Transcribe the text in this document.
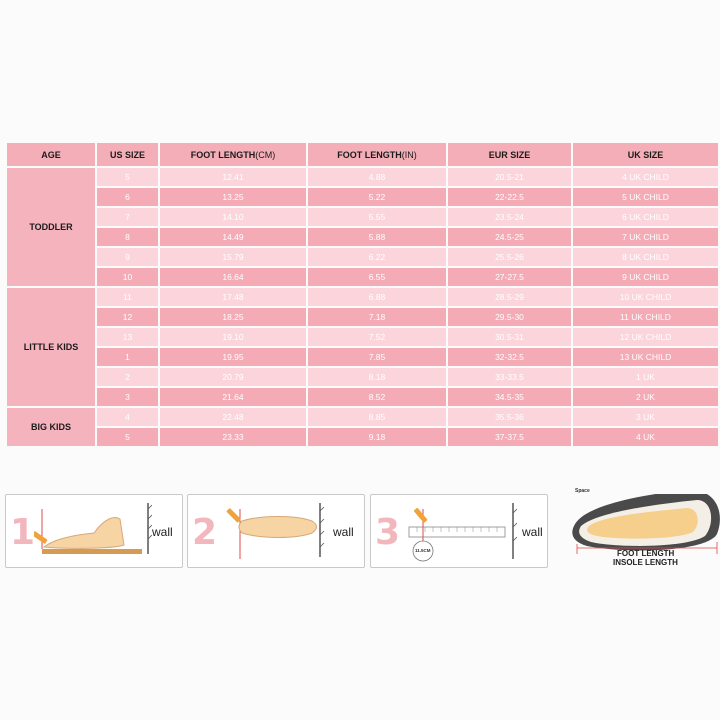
AGE	US SIZE	FOOT LENGTH(CM)	FOOT LENGTH(IN)	EUR SIZE	UK SIZE
TODDLER	5	12.41	4.88	20.5-21	4 UK CHILD
	6	13.25	5.22	22-22.5	5 UK CHILD
	7	14.10	5.55	23.5-24	6 UK CHILD
	8	14.49	5.88	24.5-25	7 UK CHILD
	9	15.79	6.22	25.5-26	8 UK CHILD
	10	16.64	6.55	27-27.5	9 UK CHILD
LITTLE KIDS	11	17.48	6.88	28.5-29	10 UK CHILD
	12	18.25	7.18	29.5-30	11 UK CHILD
	13	19.10	7.52	30.5-31	12 UK CHILD
	1	19.95	7.85	32-32.5	13 UK CHILD
	2	20.79	8.18	33-33.5	1 UK
	3	21.64	8.52	34.5-35	2 UK
BIG KIDS	4	22.48	8.85	35.5-36	3 UK
	5	23.33	9.18	37-37.5	4 UK
1	wall 2	wall 3	11.5CM
wall
Space
FOOT LENGTH
INSOLE LENGTH
